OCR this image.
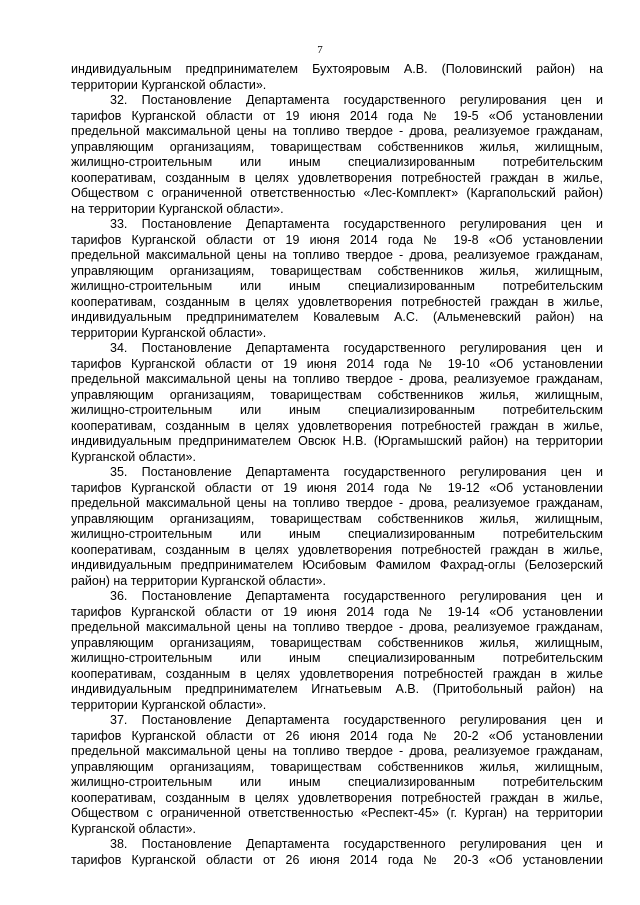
7
индивидуальным предпринимателем Бухтояровым А.В. (Половинский район) на
территории Курганской области».
32. Постановление Департамента государственного регулирования цен и
тарифов Курганской области от 19 июня 2014 года № 19-5 «Об установлении
предельной максимальной цены на топливо твердое - дрова, реализуемое гражданам,
управляющим организациям, товариществам собственников жилья, жилищным,
жилищно-строительным или иным специализированным потребительским
кооперативам, созданным в целях удовлетворения потребностей граждан в жилье,
Обществом с ограниченной ответственностью «Лес-Комплект» (Каргапольский район)
на территории Курганской области».
33. Постановление Департамента государственного регулирования цен и
тарифов Курганской области от 19 июня 2014 года № 19-8 «Об установлении
предельной максимальной цены на топливо твердое - дрова, реализуемое гражданам,
управляющим организациям, товариществам собственников жилья, жилищным,
жилищно-строительным или иным специализированным потребительским
кооперативам, созданным в целях удовлетворения потребностей граждан в жилье,
индивидуальным предпринимателем Ковалевым А.С. (Альменевский район) на
территории Курганской области».
34. Постановление Департамента государственного регулирования цен и
тарифов Курганской области от 19 июня 2014 года № 19-10 «Об установлении
предельной максимальной цены на топливо твердое - дрова, реализуемое гражданам,
управляющим организациям, товариществам собственников жилья, жилищным,
жилищно-строительным или иным специализированным потребительским
кооперативам, созданным в целях удовлетворения потребностей граждан в жилье,
индивидуальным предпринимателем Овсюк Н.В. (Юргамышский район) на территории
Курганской области».
35. Постановление Департамента государственного регулирования цен и
тарифов Курганской области от 19 июня 2014 года № 19-12 «Об установлении
предельной максимальной цены на топливо твердое - дрова, реализуемое гражданам,
управляющим организациям, товариществам собственников жилья, жилищным,
жилищно-строительным или иным специализированным потребительским
кооперативам, созданным в целях удовлетворения потребностей граждан в жилье,
индивидуальным предпринимателем Юсибовым Фамилом Фахрад-оглы (Белозерский
район) на территории Курганской области».
36. Постановление Департамента государственного регулирования цен и
тарифов Курганской области от 19 июня 2014 года № 19-14 «Об установлении
предельной максимальной цены на топливо твердое - дрова, реализуемое гражданам,
управляющим организациям, товариществам собственников жилья, жилищным,
жилищно-строительным или иным специализированным потребительским
кооперативам, созданным в целях удовлетворения потребностей граждан в жилье
индивидуальным предпринимателем Игнатьевым А.В. (Притобольный район) на
территории Курганской области».
37. Постановление Департамента государственного регулирования цен и
тарифов Курганской области от 26 июня 2014 года № 20-2 «Об установлении
предельной максимальной цены на топливо твердое - дрова, реализуемое гражданам,
управляющим организациям, товариществам собственников жилья, жилищным,
жилищно-строительным или иным специализированным потребительским
кооперативам, созданным в целях удовлетворения потребностей граждан в жилье,
Обществом с ограниченной ответственностью «Респект-45» (г. Курган) на территории
Курганской области».
38. Постановление Департамента государственного регулирования цен и
тарифов Курганской области от 26 июня 2014 года № 20-3 «Об установлении
